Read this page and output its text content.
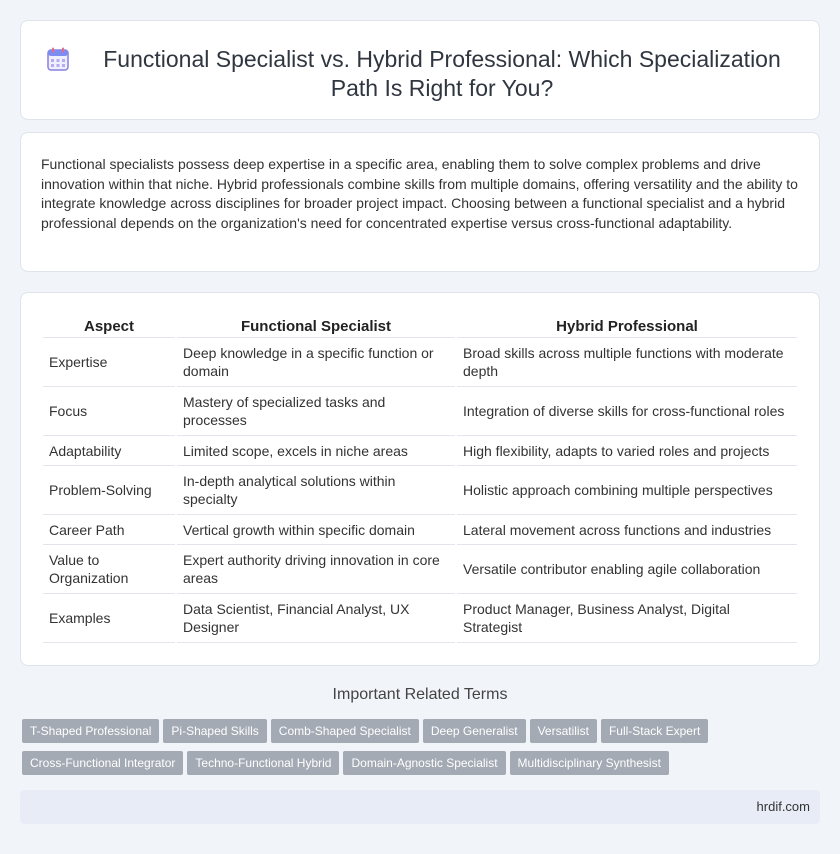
Functional Specialist vs. Hybrid Professional: Which Specialization Path Is Right for You?

Functional specialists possess deep expertise in a specific area, enabling them to solve complex problems and drive innovation within that niche. Hybrid professionals combine skills from multiple domains, offering versatility and the ability to integrate knowledge across disciplines for broader project impact. Choosing between a functional specialist and a hybrid professional depends on the organization's need for concentrated expertise versus cross-functional adaptability.

Aspect	Functional Specialist	Hybrid Professional
Expertise	Deep knowledge in a specific function or domain	Broad skills across multiple functions with moderate depth
Focus	Mastery of specialized tasks and processes	Integration of diverse skills for cross-functional roles
Adaptability	Limited scope, excels in niche areas	High flexibility, adapts to varied roles and projects
Problem-Solving	In-depth analytical solutions within specialty	Holistic approach combining multiple perspectives
Career Path	Vertical growth within specific domain	Lateral movement across functions and industries
Value to Organization	Expert authority driving innovation in core areas	Versatile contributor enabling agile collaboration
Examples	Data Scientist, Financial Analyst, UX Designer	Product Manager, Business Analyst, Digital Strategist
Important Related Terms
T-Shaped Professional Pi-Shaped Skills Comb-Shaped Specialist Deep Generalist Versatilist Full-Stack Expert
Cross-Functional Integrator Techno-Functional Hybrid Domain-Agnostic Specialist Multidisciplinary Synthesist
hrdif.com
